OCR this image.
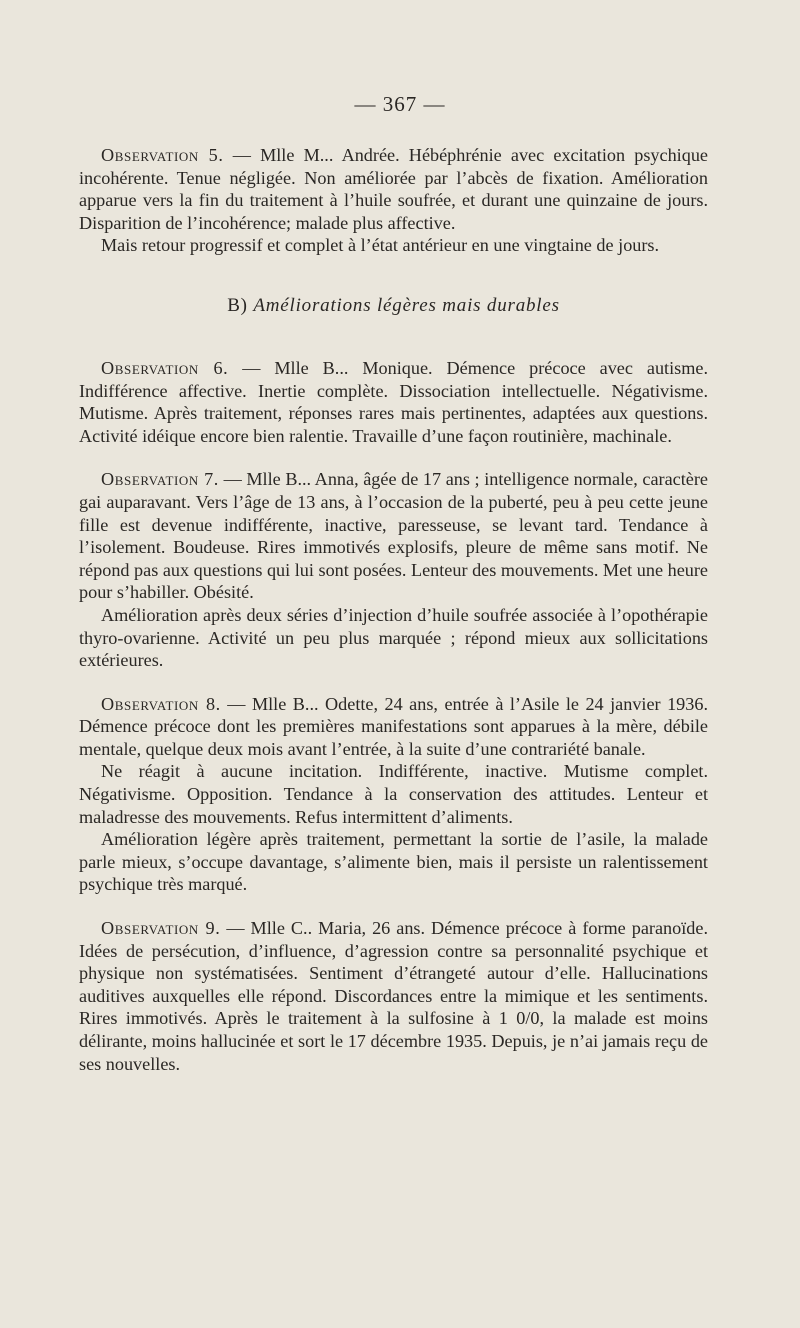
— 367 —

Observation 5. — Mlle M... Andrée. Hébéphrénie avec excitation psychique incohérente. Tenue négligée. Non améliorée par l’abcès de fixation. Amélioration apparue vers la fin du traitement à l’huile soufrée, et durant une quinzaine de jours. Disparition de l’incohérence; malade plus affective.

Mais retour progressif et complet à l’état antérieur en une vingtaine de jours.

B) Améliorations légères mais durables

Observation 6. — Mlle B... Monique. Démence précoce avec autisme. Indifférence affective. Inertie complète. Dissociation intellectuelle. Négativisme. Mutisme. Après traitement, réponses rares mais pertinentes, adaptées aux questions. Activité idéique encore bien ralentie. Travaille d’une façon routinière, machinale.

Observation 7. — Mlle B... Anna, âgée de 17 ans ; intelligence normale, caractère gai auparavant. Vers l’âge de 13 ans, à l’occasion de la puberté, peu à peu cette jeune fille est devenue indifférente, inactive, paresseuse, se levant tard. Tendance à l’isolement. Boudeuse. Rires immotivés explosifs, pleure de même sans motif. Ne répond pas aux questions qui lui sont posées. Lenteur des mouvements. Met une heure pour s’habiller. Obésité.

Amélioration après deux séries d’injection d’huile soufrée associée à l’opothérapie thyro-ovarienne. Activité un peu plus marquée ; répond mieux aux sollicitations extérieures.

Observation 8. — Mlle B... Odette, 24 ans, entrée à l’Asile le 24 janvier 1936. Démence précoce dont les premières manifestations sont apparues à la mère, débile mentale, quelque deux mois avant l’entrée, à la suite d’une contrariété banale.

Ne réagit à aucune incitation. Indifférente, inactive. Mutisme complet. Négativisme. Opposition. Tendance à la conservation des attitudes. Lenteur et maladresse des mouvements. Refus intermittent d’aliments.

Amélioration légère après traitement, permettant la sortie de l’asile, la malade parle mieux, s’occupe davantage, s’alimente bien, mais il persiste un ralentissement psychique très marqué.

Observation 9. — Mlle C.. Maria, 26 ans. Démence précoce à forme paranoïde. Idées de persécution, d’influence, d’agression contre sa personnalité psychique et physique non systématisées. Sentiment d’étrangeté autour d’elle. Hallucinations auditives auxquelles elle répond. Discordances entre la mimique et les sentiments. Rires immotivés. Après le traitement à la sulfosine à 1 0/0, la malade est moins délirante, moins hallucinée et sort le 17 décembre 1935. Depuis, je n’ai jamais reçu de ses nouvelles.
